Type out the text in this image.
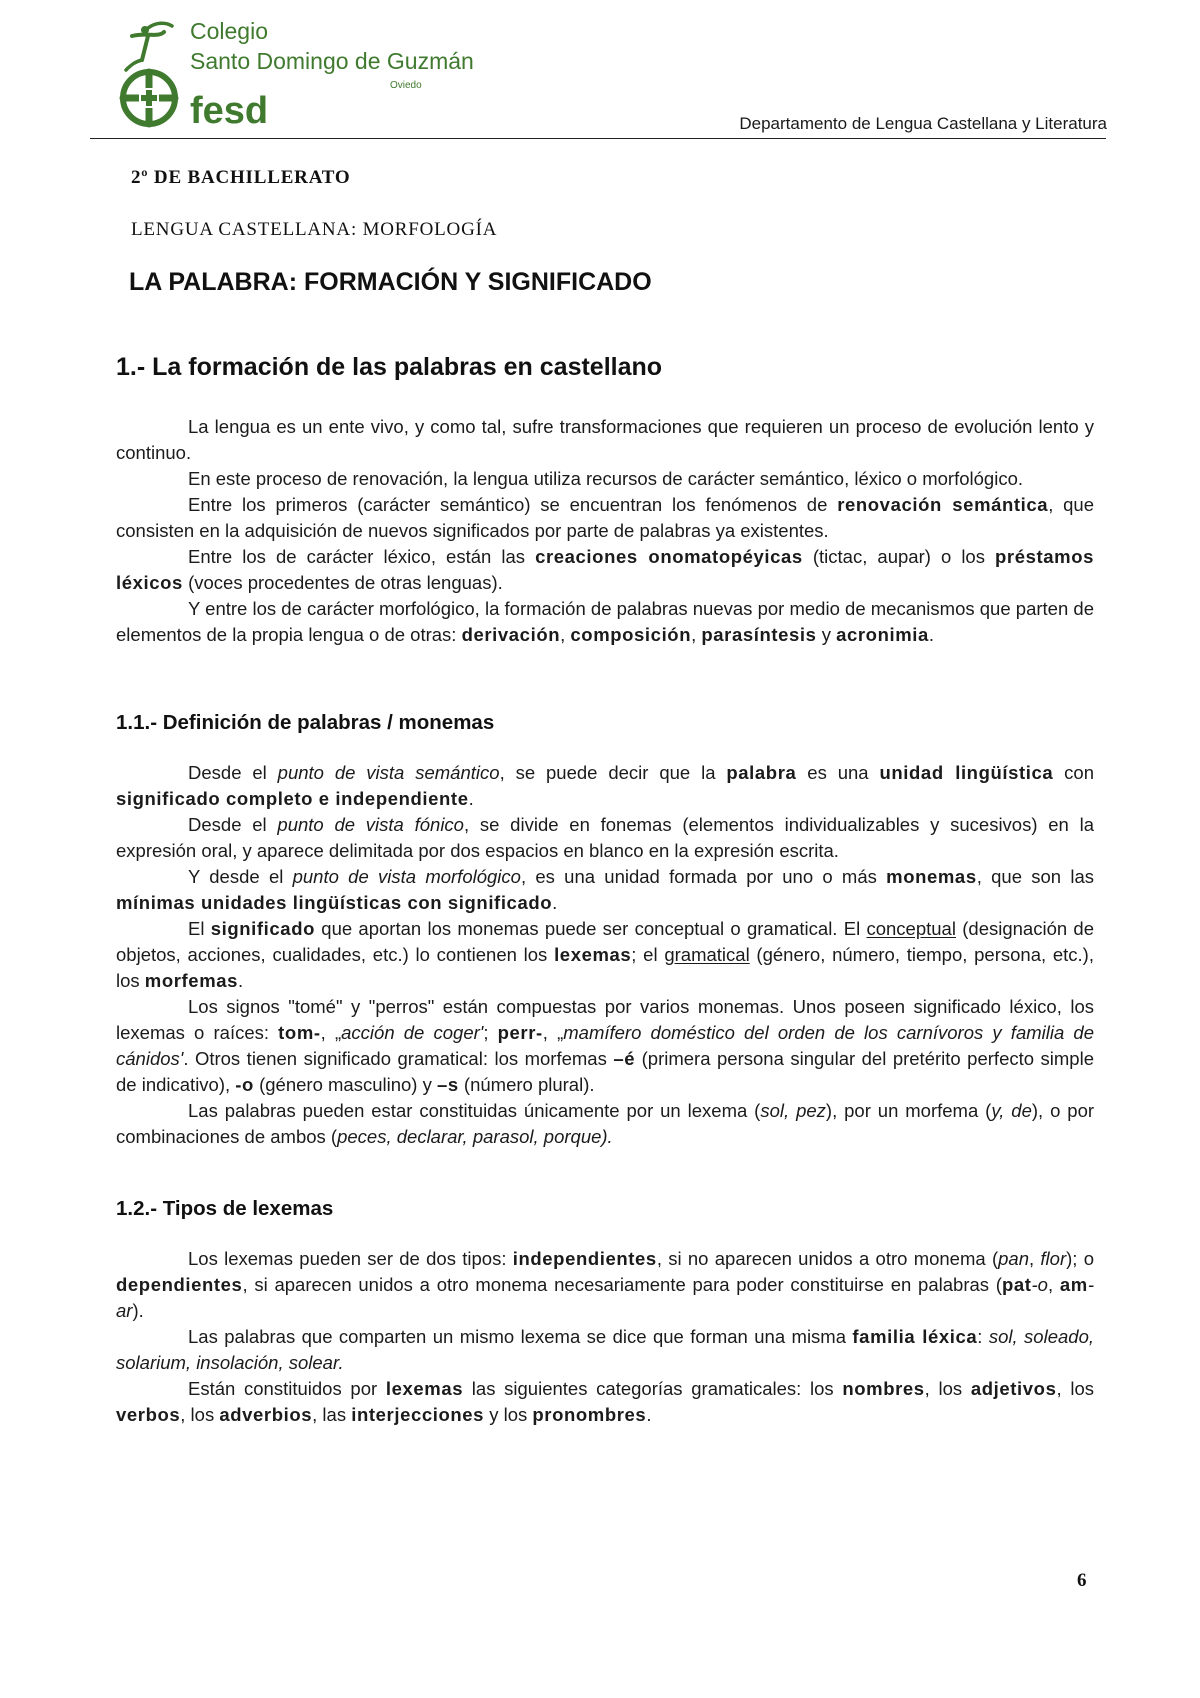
Colegio
Santo Domingo de Guzmán
Oviedo
fesd	Departamento de Lengua Castellana y Literatura
2º DE BACHILLERATO
LENGUA CASTELLANA: MORFOLOGÍA
LA PALABRA: FORMACIÓN Y SIGNIFICADO
1.- La formación de las palabras en castellano

La lengua es un ente vivo, y como tal, sufre transformaciones que requieren un proceso de evolución lento y continuo.

En este proceso de renovación, la lengua utiliza recursos de carácter semántico, léxico o morfológico.

Entre los primeros (carácter semántico) se encuentran los fenómenos de renovación semántica, que consisten en la adquisición de nuevos significados por parte de palabras ya existentes.

Entre los de carácter léxico, están las creaciones onomatopéyicas (tictac, aupar) o los préstamos léxicos (voces procedentes de otras lenguas).

Y entre los de carácter morfológico, la formación de palabras nuevas por medio de mecanismos que parten de elementos de la propia lengua o de otras: derivación, composición, parasíntesis y acronimia.

1.1.- Definición de palabras / monemas

Desde el punto de vista semántico, se puede decir que la palabra es una unidad lingüística con significado completo e independiente.

Desde el punto de vista fónico, se divide en fonemas (elementos individualizables y sucesivos) en la expresión oral, y aparece delimitada por dos espacios en blanco en la expresión escrita.

Y desde el punto de vista morfológico, es una unidad formada por uno o más monemas, que son las mínimas unidades lingüísticas con significado.

El significado que aportan los monemas puede ser conceptual o gramatical. El conceptual (designación de objetos, acciones, cualidades, etc.) lo contienen los lexemas; el gramatical (género, número, tiempo, persona, etc.), los morfemas.

Los signos "tomé" y "perros" están compuestas por varios monemas. Unos poseen significado léxico, los lexemas o raíces: tom-, „acción de coger'; perr-, „mamífero doméstico del orden de los carnívoros y familia de cánidos'. Otros tienen significado gramatical: los morfemas –é (primera persona singular del pretérito perfecto simple de indicativo), -o (género masculino) y –s (número plural).

Las palabras pueden estar constituidas únicamente por un lexema (sol, pez), por un morfema (y, de), o por combinaciones de ambos (peces, declarar, parasol, porque).

1.2.- Tipos de lexemas

Los lexemas pueden ser de dos tipos: independientes, si no aparecen unidos a otro monema (pan, flor); o dependientes, si aparecen unidos a otro monema necesariamente para poder constituirse en palabras (pat-o, am-ar).

Las palabras que comparten un mismo lexema se dice que forman una misma familia léxica: sol, soleado, solarium, insolación, solear.

Están constituidos por lexemas las siguientes categorías gramaticales: los nombres, los adjetivos, los verbos, los adverbios, las interjecciones y los pronombres.

6
